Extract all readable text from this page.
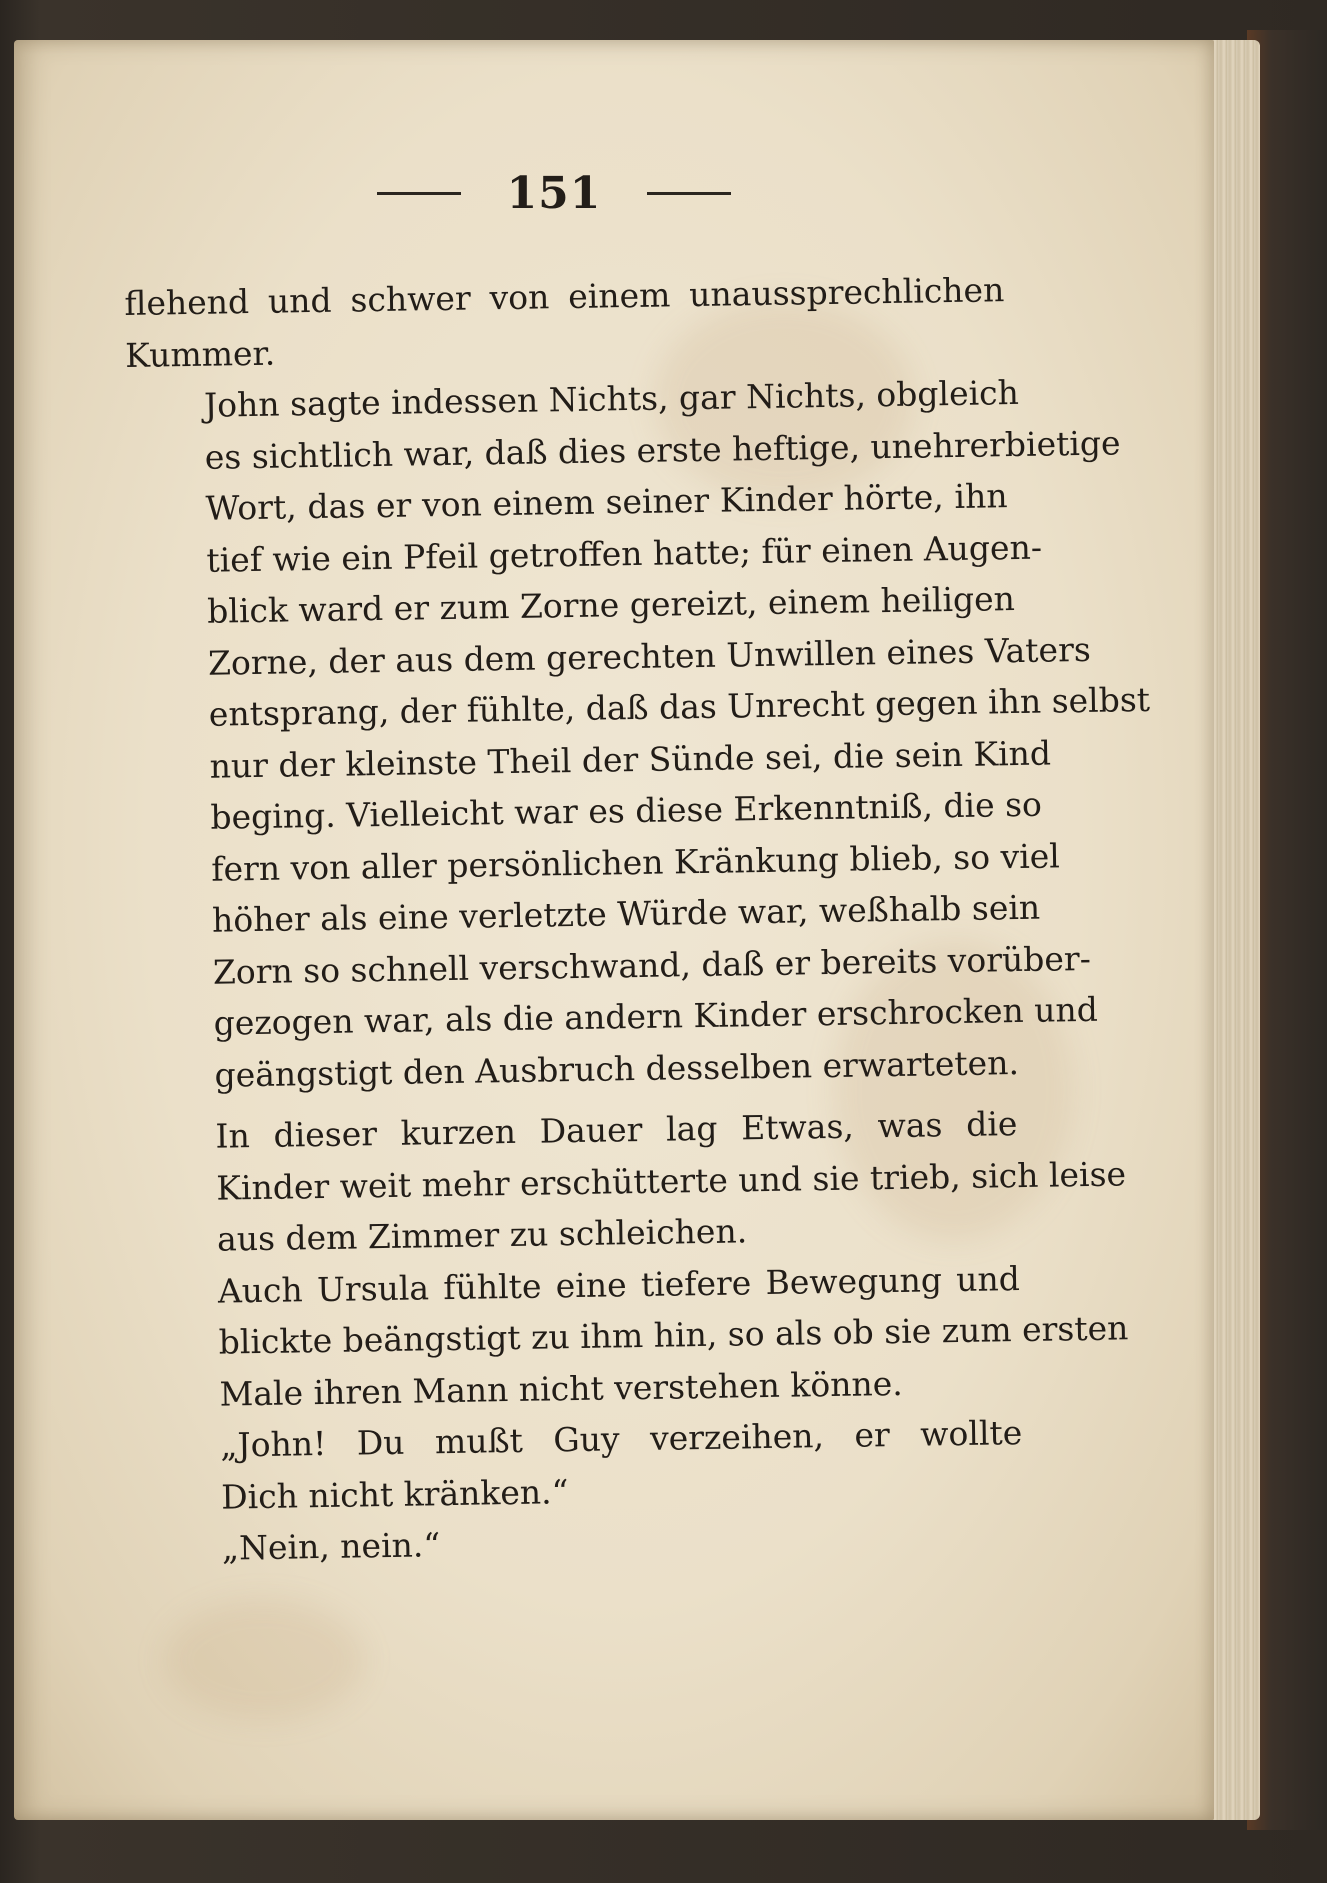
151

flehend und schwer von einem unaussprechlichen
Kummer.

John sagte indessen Nichts, gar Nichts, obgleich
es sichtlich war, daß dies erste heftige, unehrerbietige
Wort, das er von einem seiner Kinder hörte, ihn
tief wie ein Pfeil getroffen hatte; für einen Augen-
blick ward er zum Zorne gereizt, einem heiligen
Zorne, der aus dem gerechten Unwillen eines Vaters
entsprang, der fühlte, daß das Unrecht gegen ihn selbst
nur der kleinste Theil der Sünde sei, die sein Kind
beging. Vielleicht war es diese Erkenntniß, die so
fern von aller persönlichen Kränkung blieb, so viel
höher als eine verletzte Würde war, weßhalb sein
Zorn so schnell verschwand, daß er bereits vorüber-
gezogen war, als die andern Kinder erschrocken und
geängstigt den Ausbruch desselben erwarteten.

In dieser kurzen Dauer lag Etwas, was die
Kinder weit mehr erschütterte und sie trieb, sich leise
aus dem Zimmer zu schleichen.

Auch Ursula fühlte eine tiefere Bewegung und
blickte beängstigt zu ihm hin, so als ob sie zum ersten
Male ihren Mann nicht verstehen könne.

„John! Du mußt Guy verzeihen, er wollte
Dich nicht kränken.“

„Nein, nein.“
